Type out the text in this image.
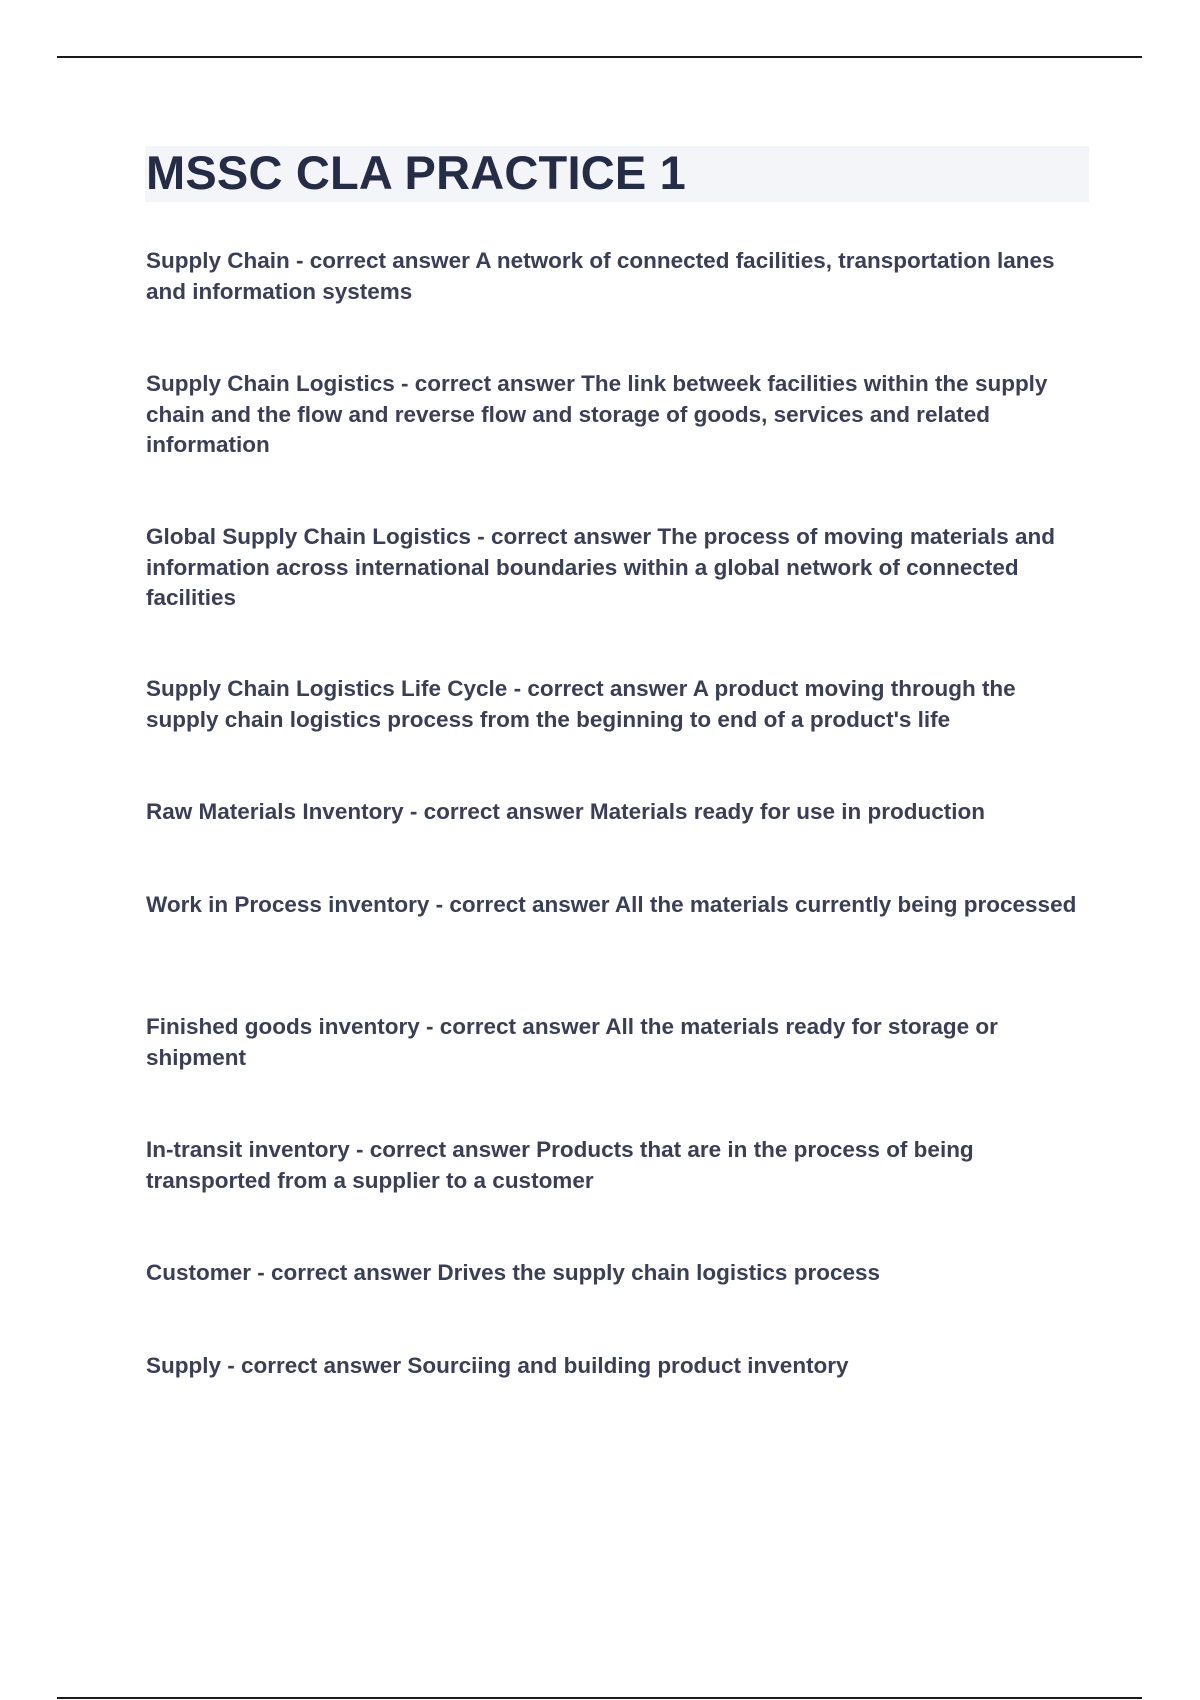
MSSC CLA PRACTICE 1

Supply Chain - correct answer A network of connected facilities, transportation lanes and information systems

Supply Chain Logistics - correct answer The link betweek facilities within the supply chain and the flow and reverse flow and storage of goods, services and related information

Global Supply Chain Logistics - correct answer The process of moving materials and information across international boundaries within a global network of connected facilities

Supply Chain Logistics Life Cycle - correct answer A product moving through the supply chain logistics process from the beginning to end of a product's life

Raw Materials Inventory - correct answer Materials ready for use in production

Work in Process inventory - correct answer All the materials currently being processed

Finished goods inventory - correct answer All the materials ready for storage or shipment

In-transit inventory - correct answer Products that are in the process of being transported from a supplier to a customer

Customer - correct answer Drives the supply chain logistics process

Supply - correct answer Sourciing and building product inventory
